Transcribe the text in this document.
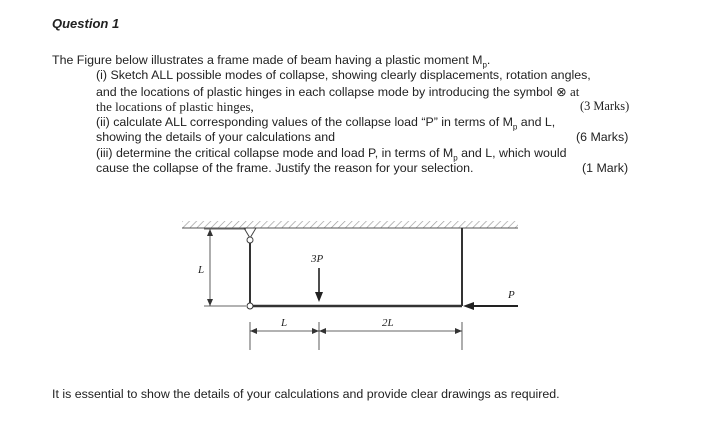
Question 1
The Figure below illustrates a frame made of beam having a plastic moment $M_p$.
(i) Sketch ALL possible modes of collapse, showing clearly displacements, rotation angles,
and the locations of plastic hinges in each collapse mode by introducing the symbol ⊗ at
the locations of plastic hinges,	(3 Marks)
(ii) calculate ALL corresponding values of the collapse load “P” in terms of $M_p$ and L,
showing the details of your calculations and	(6 Marks)
(iii) determine the critical collapse mode and load P, in terms of $M_p$ and L, which would
cause the collapse of the frame. Justify the reason for your selection.	(1 Mark)
L
3P
P
L	2L
It is essential to show the details of your calculations and provide clear drawings as required.
